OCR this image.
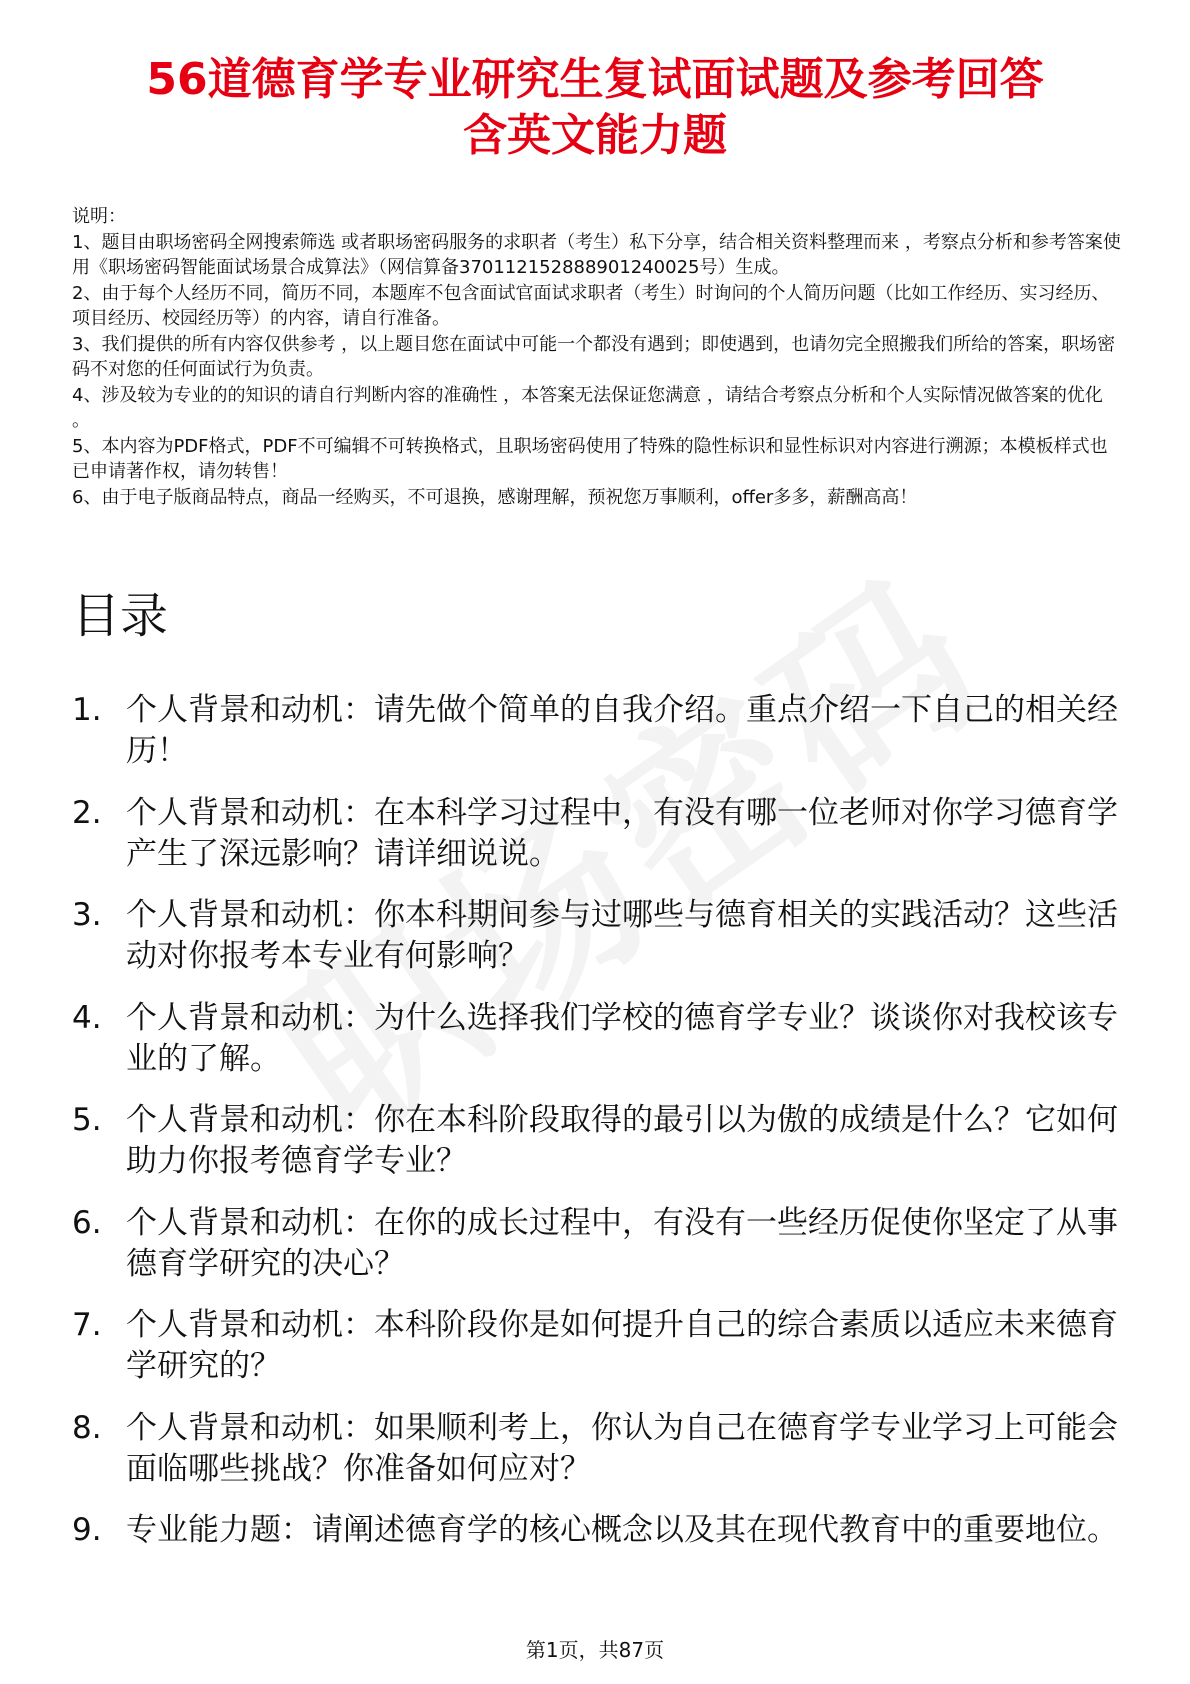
56道德育学专业研究生复试面试题及参考回答
含英文能力题

说明：

1、题目由职场密码全网搜索筛选 或者职场密码服务的求职者（考生）私下分享，结合相关资料整理而来 ，考察点分析和参考答案使用《职场密码智能面试场景合成算法》（网信算备370112152888901240025号）生成。

2、由于每个人经历不同，简历不同，本题库不包含面试官面试求职者（考生）时询问的个人简历问题（比如工作经历、实习经历、项目经历、校园经历等）的内容，请自行准备。

3、我们提供的所有内容仅供参考 ，以上题目您在面试中可能一个都没有遇到；即使遇到，也请勿完全照搬我们所给的答案，职场密码不对您的任何面试行为负责。

4、涉及较为专业的的知识的请自行判断内容的准确性 ，本答案无法保证您满意 ，请结合考察点分析和个人实际情况做答案的优化 。

5、本内容为PDF格式，PDF不可编辑不可转换格式，且职场密码使用了特殊的隐性标识和显性标识对内容进行溯源；本模板样式也已申请著作权，请勿转售！

6、由于电子版商品特点，商品一经购买，不可退换，感谢理解，预祝您万事顺利，offer多多，薪酬高高！

目录
1. 个人背景和动机：请先做个简单的自我介绍。重点介绍一下自己的相关经历！
2. 个人背景和动机：在本科学习过程中，有没有哪一位老师对你学习德育学产生了深远影响？请详细说说。
3. 个人背景和动机：你本科期间参与过哪些与德育相关的实践活动？这些活动对你报考本专业有何影响？
4. 个人背景和动机：为什么选择我们学校的德育学专业？谈谈你对我校该专业的了解。
5. 个人背景和动机：你在本科阶段取得的最引以为傲的成绩是什么？它如何助力你报考德育学专业？
6. 个人背景和动机：在你的成长过程中，有没有一些经历促使你坚定了从事德育学研究的决心？
7. 个人背景和动机：本科阶段你是如何提升自己的综合素质以适应未来德育学研究的？
8. 个人背景和动机：如果顺利考上，你认为自己在德育学专业学习上可能会面临哪些挑战？你准备如何应对？
9. 专业能力题：请阐述德育学的核心概念以及其在现代教育中的重要地位。
第1页，共87页
